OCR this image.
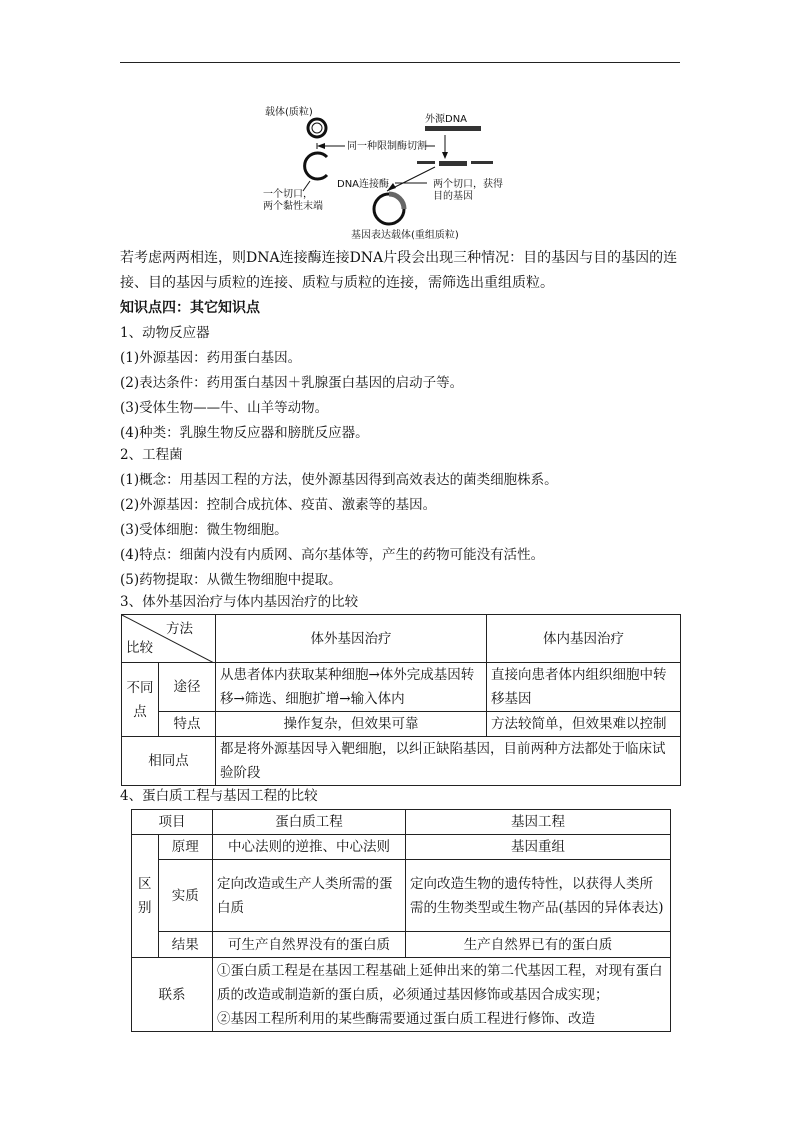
载体(质粒)
外源DNA
同一种限制酶切割
DNA连接酶
一个切口，
两个黏性末端
两个切口，获得
目的基因
基因表达载体(重组质粒)

若考虑两两相连，则DNA连接酶连接DNA片段会出现三种情况：目的基因与目的基因的连接、目的基因与质粒的连接、质粒与质粒的连接，需筛选出重组质粒。

知识点四：其它知识点
1、动物反应器
(1)外源基因：药用蛋白基因。
(2)表达条件：药用蛋白基因＋乳腺蛋白基因的启动子等。
(3)受体生物——牛、山羊等动物。
(4)种类：乳腺生物反应器和膀胱反应器。
2、工程菌
(1)概念：用基因工程的方法，使外源基因得到高效表达的菌类细胞株系。
(2)外源基因：控制合成抗体、疫苗、激素等的基因。
(3)受体细胞：微生物细胞。
(4)特点：细菌内没有内质网、高尔基体等，产生的药物可能没有活性。
(5)药物提取：从微生物细胞中提取。
3、体外基因治疗与体内基因治疗的比较
方法
比较		体外基因治疗	体内基因治疗
不同点	途径	从患者体内获取某种细胞→体外完成基因转移→筛选、细胞扩增→输入体内	直接向患者体内组织细胞中转移基因
	特点	操作复杂，但效果可靠	方法较简单，但效果难以控制
相同点		都是将外源基因导入靶细胞，以纠正缺陷基因，目前两种方法都处于临床试验阶段	
4、蛋白质工程与基因工程的比较
项目		蛋白质工程	基因工程
区别	原理	中心法则的逆推、中心法则	基因重组
	实质	定向改造或生产人类所需的蛋白质	定向改造生物的遗传特性，以获得人类所需的生物类型或生物产品(基因的异体表达)
	结果	可生产自然界没有的蛋白质	生产自然界已有的蛋白质
联系		①蛋白质工程是在基因工程基础上延伸出来的第二代基因工程，对现有蛋白质的改造或制造新的蛋白质，必须通过基因修饰或基因合成实现；
②基因工程所利用的某些酶需要通过蛋白质工程进行修饰、改造	
